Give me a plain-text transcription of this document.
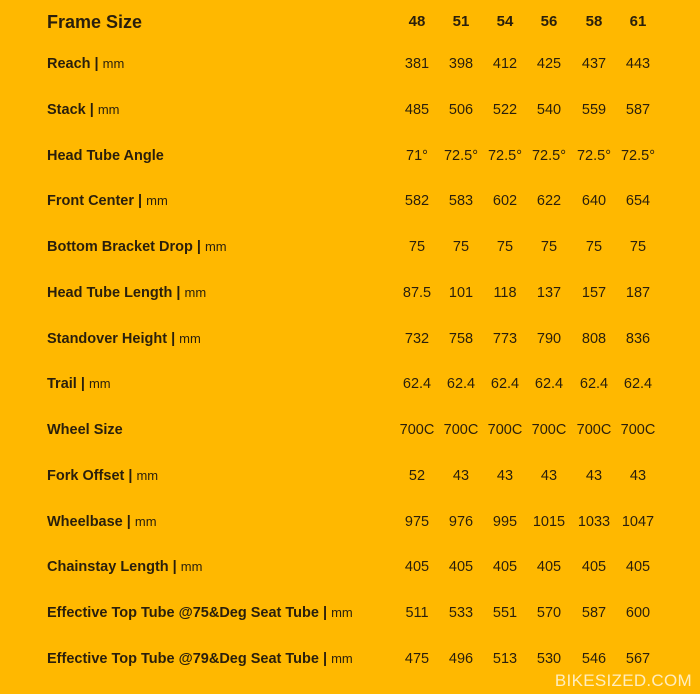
Frame Size	48	51	54	56	58	61
Reach | mm	381	398	412	425	437	443
Stack | mm	485	506	522	540	559	587
Head Tube Angle	71°	72.5° 72.5° 72.5° 72.5° 72.5°
Front Center | mm	582	583	602	622	640	654
Bottom Bracket Drop | mm	75	75	75	75	75	75
Head Tube Length | mm	87.5	101	118	137	157	187
Standover Height | mm	732	758	773	790	808	836
Trail | mm	62.4	62.4	62.4	62.4	62.4	62.4
Wheel Size	700C 700C 700C 700C 700C 700C
Fork Offset | mm	52	43	43	43	43	43
Wheelbase | mm	975	976	995	1015 1033 1047
Chainstay Length | mm	405	405	405	405	405	405
Effective Top Tube @75&Deg Seat Tube | mm	511	533	551	570	587	600
Effective Top Tube @79&Deg Seat Tube | mm	475	496	513	530	546	567
BIKESIZED.COM
